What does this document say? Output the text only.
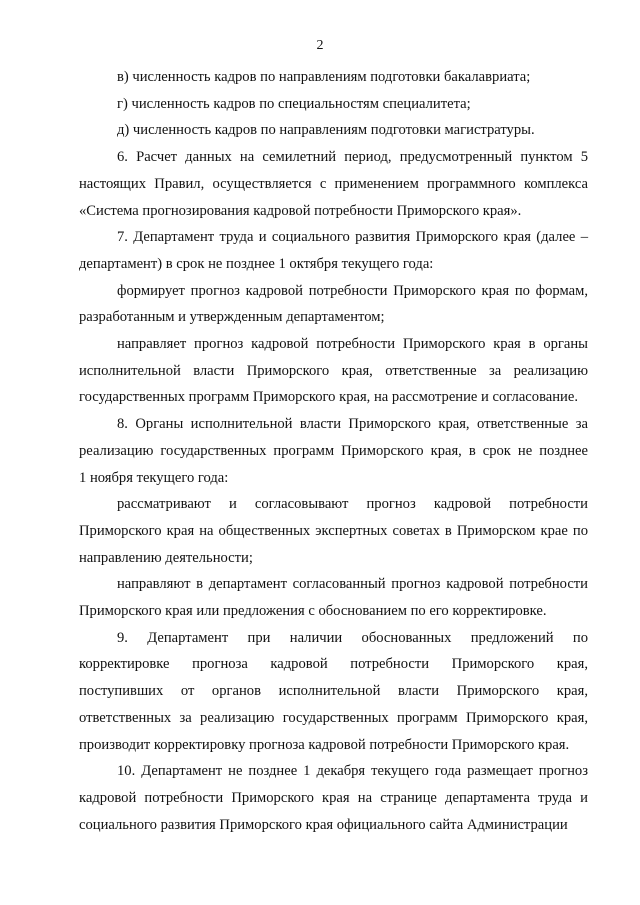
2
в) численность кадров по направлениям подготовки бакалавриата;
г) численность кадров по специальностям специалитета;
д) численность кадров по направлениям подготовки магистратуры.
6. Расчет данных на семилетний период, предусмотренный пунктом 5
настоящих Правил, осуществляется с применением программного комплекса
«Система прогнозирования кадровой потребности Приморского края».
7. Департамент труда и социального развития Приморского края (далее –
департамент) в срок не позднее 1 октября текущего года:
формирует прогноз кадровой потребности Приморского края по формам,
разработанным и утвержденным департаментом;
направляет прогноз кадровой потребности Приморского края в органы
исполнительной власти Приморского края, ответственные за реализацию
государственных программ Приморского края, на рассмотрение и согласование.
8. Органы исполнительной власти Приморского края, ответственные за
реализацию государственных программ Приморского края, в срок не позднее
1 ноября текущего года:
рассматривают и согласовывают прогноз кадровой потребности
Приморского края на общественных экспертных советах в Приморском крае по
направлению деятельности;
направляют в департамент согласованный прогноз кадровой потребности
Приморского края или предложения с обоснованием по его корректировке.
9. Департамент при наличии обоснованных предложений по
корректировке прогноза кадровой потребности Приморского края,
поступивших от органов исполнительной власти Приморского края,
ответственных за реализацию государственных программ Приморского края,
производит корректировку прогноза кадровой потребности Приморского края.
10. Департамент не позднее 1 декабря текущего года размещает прогноз
кадровой потребности Приморского края на странице департамента труда и
социального развития Приморского края официального сайта Администрации
